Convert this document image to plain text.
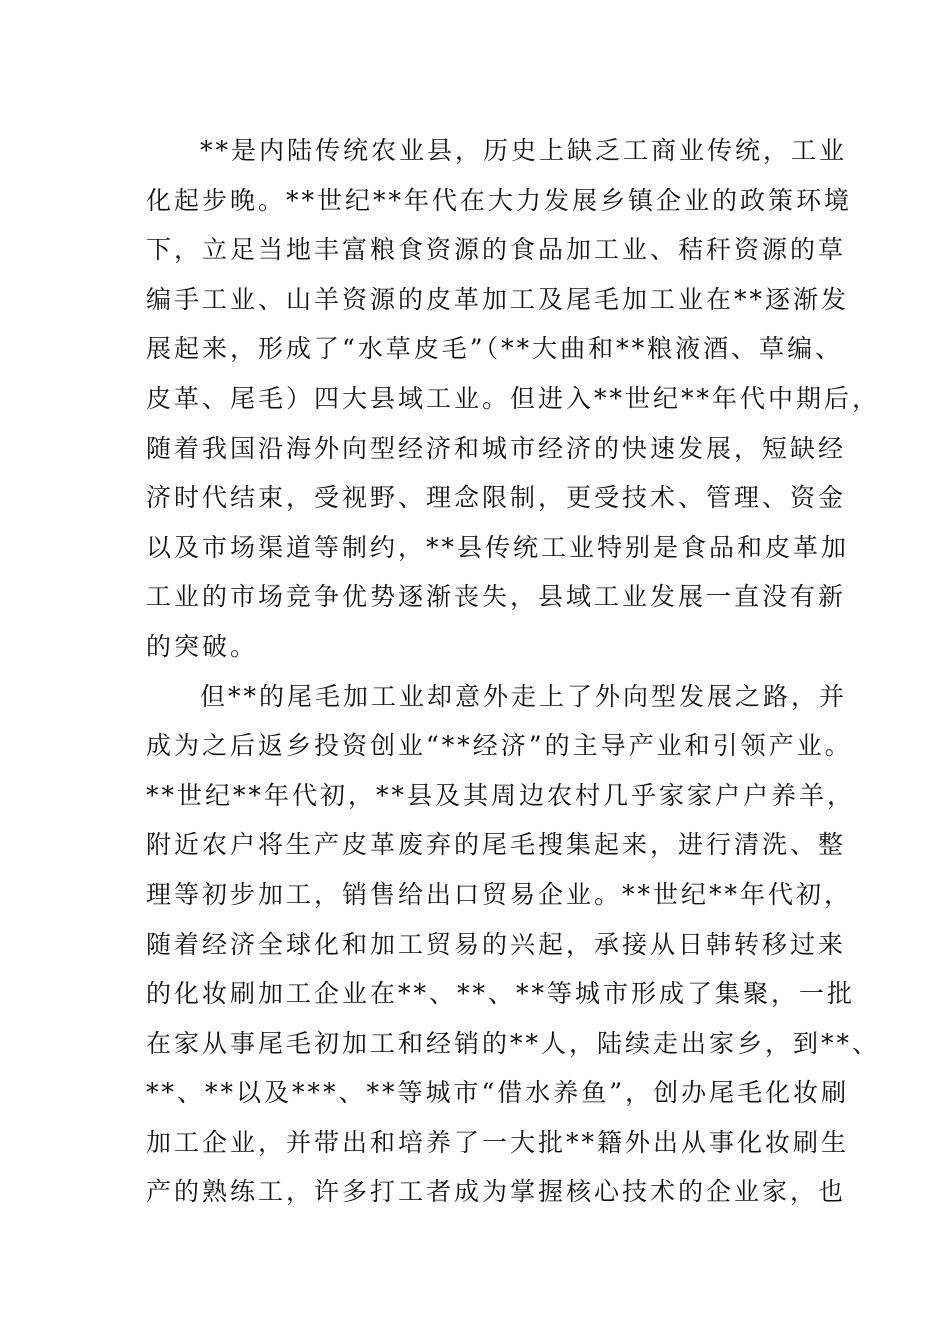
**是内陆传统农业县，历史上缺乏工商业传统，工业
化起步晚。**世纪**年代在大力发展乡镇企业的政策环境
下，立足当地丰富粮食资源的食品加工业、秸秆资源的草
编手工业、山羊资源的皮革加工及尾毛加工业在**逐渐发
展起来，形成了“水草皮毛”（**大曲和**粮液酒、草编、
皮革、尾毛）四大县域工业。但进入**世纪**年代中期后，
随着我国沿海外向型经济和城市经济的快速发展，短缺经
济时代结束，受视野、理念限制，更受技术、管理、资金
以及市场渠道等制约，**县传统工业特别是食品和皮革加
工业的市场竞争优势逐渐丧失，县域工业发展一直没有新
的突破。
但**的尾毛加工业却意外走上了外向型发展之路，并
成为之后返乡投资创业“**经济”的主导产业和引领产业。
**世纪**年代初，**县及其周边农村几乎家家户户养羊，
附近农户将生产皮革废弃的尾毛搜集起来，进行清洗、整
理等初步加工，销售给出口贸易企业。**世纪**年代初，
随着经济全球化和加工贸易的兴起，承接从日韩转移过来
的化妆刷加工企业在**、**、**等城市形成了集聚，一批
在家从事尾毛初加工和经销的**人，陆续走出家乡，到**、
**、**以及***、**等城市“借水养鱼”，创办尾毛化妆刷
加工企业，并带出和培养了一大批**籍外出从事化妆刷生
产的熟练工，许多打工者成为掌握核心技术的企业家，也
